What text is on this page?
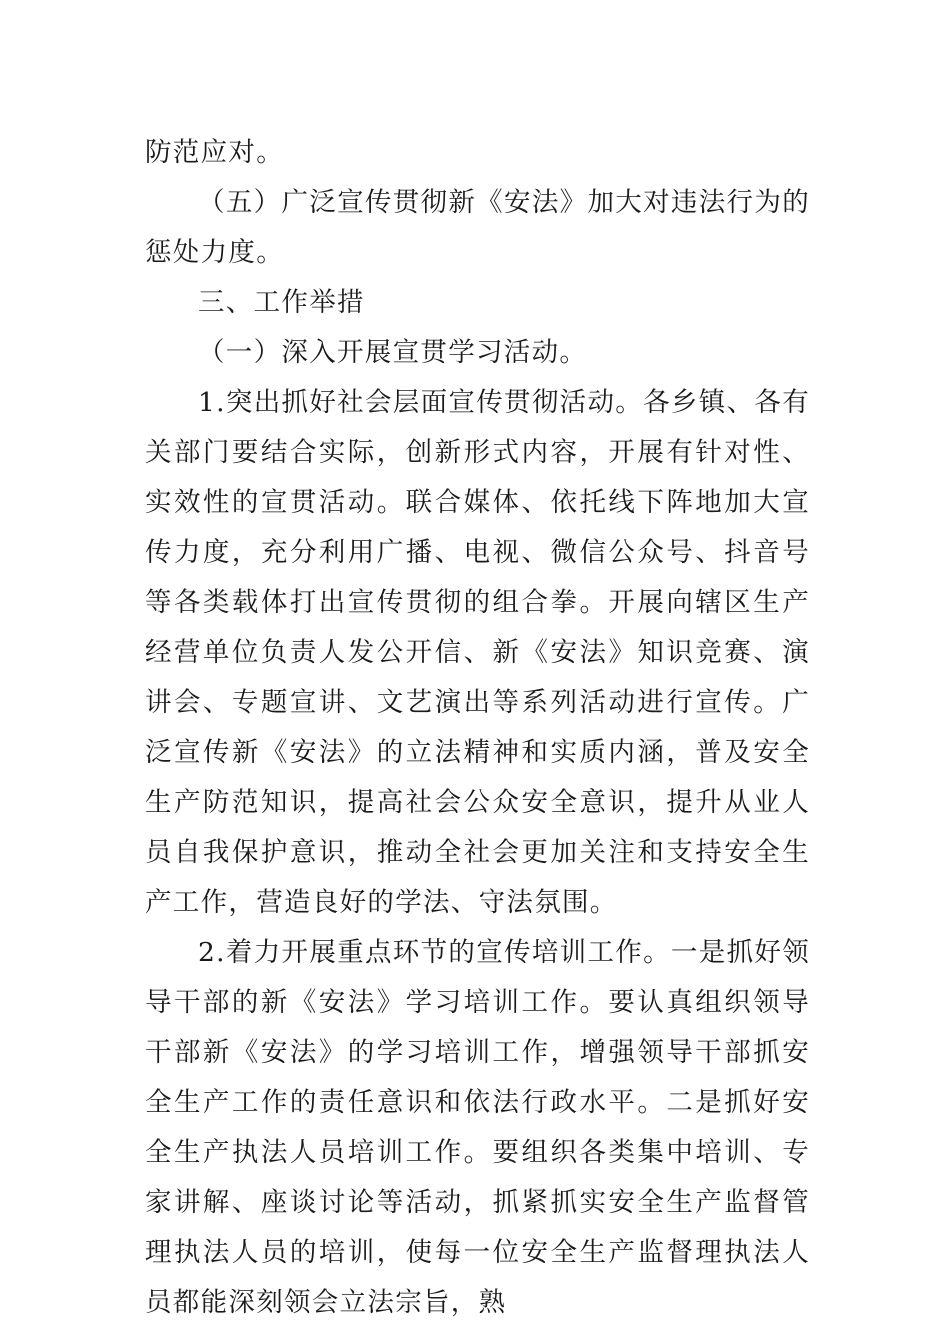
防范应对。

（五）广泛宣传贯彻新《安法》加大对违法行为的惩处力度。

三、工作举措

（一）深入开展宣贯学习活动。

1.突出抓好社会层面宣传贯彻活动。各乡镇、各有关部门要结合实际，创新形式内容，开展有针对性、实效性的宣贯活动。联合媒体、依托线下阵地加大宣传力度，充分利用广播、电视、微信公众号、抖音号等各类载体打出宣传贯彻的组合拳。开展向辖区生产经营单位负责人发公开信、新《安法》知识竞赛、演讲会、专题宣讲、文艺演出等系列活动进行宣传。广泛宣传新《安法》的立法精神和实质内涵，普及安全生产防范知识，提高社会公众安全意识，提升从业人员自我保护意识，推动全社会更加关注和支持安全生产工作，营造良好的学法、守法氛围。

2.着力开展重点环节的宣传培训工作。一是抓好领导干部的新《安法》学习培训工作。要认真组织领导干部新《安法》的学习培训工作，增强领导干部抓安全生产工作的责任意识和依法行政水平。二是抓好安全生产执法人员培训工作。要组织各类集中培训、专家讲解、座谈讨论等活动，抓紧抓实安全生产监督管理执法人员的培训，使每一位安全生产监督理执法人员都能深刻领会立法宗旨，熟
